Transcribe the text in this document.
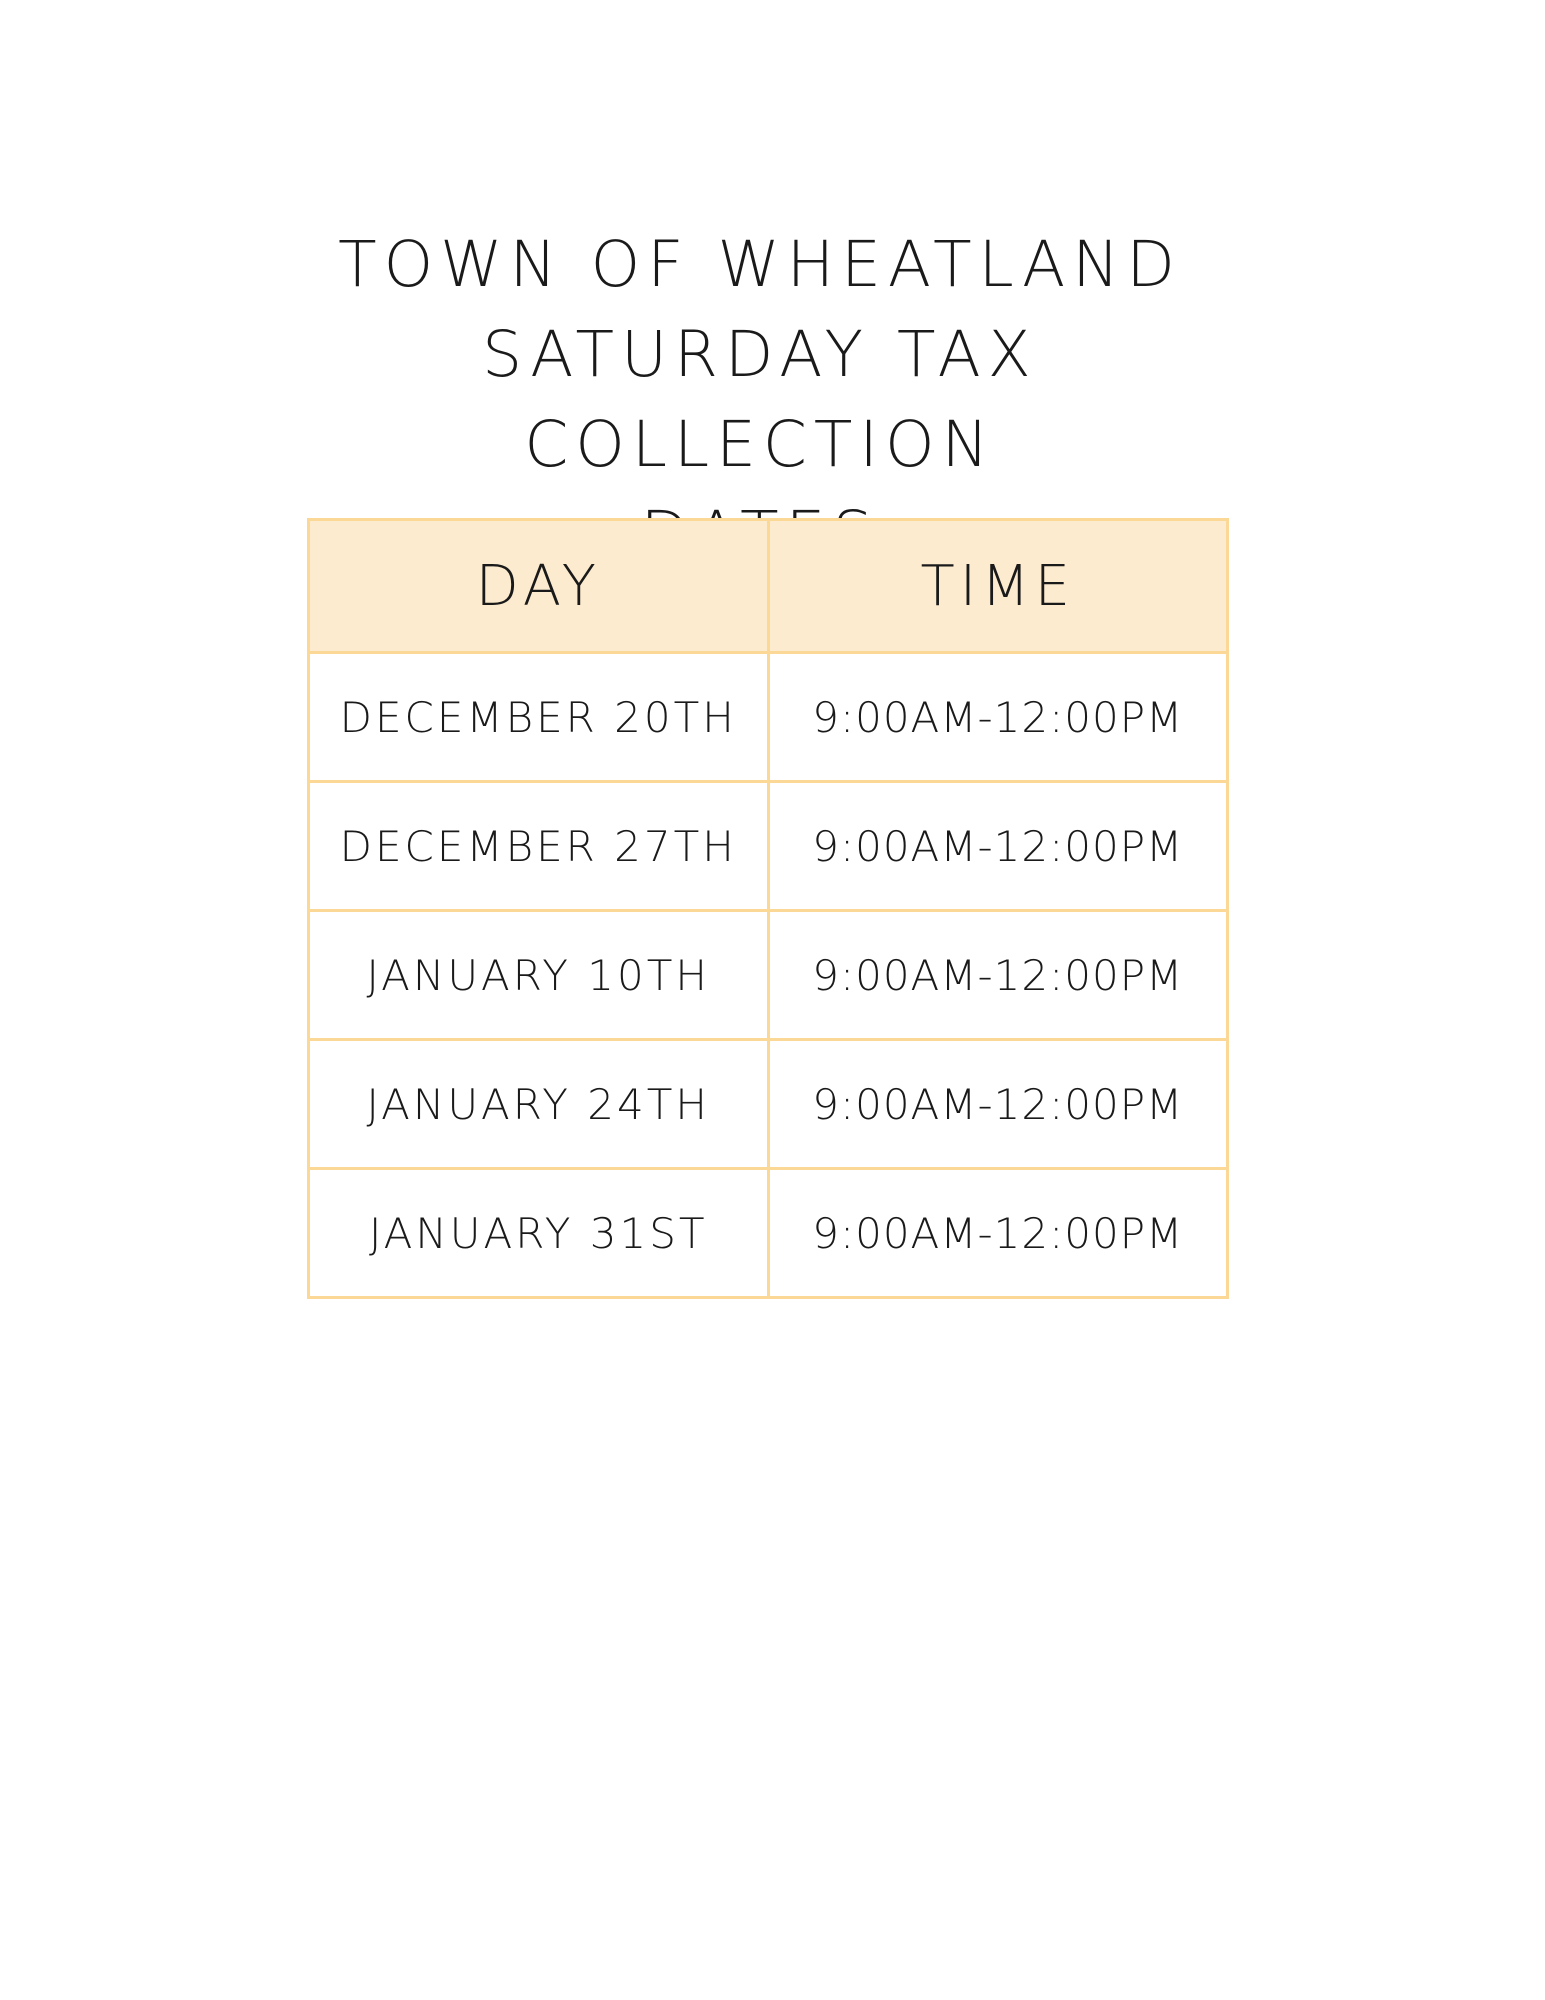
TOWN OF WHEATLAND
SATURDAY TAX COLLECTION
DAY	TIME
DECEMBER 20TH	9:00AM-12:00PM
DECEMBER 27TH	9:00AM-12:00PM
JANUARY 10TH	9:00AM-12:00PM
JANUARY 24TH	9:00AM-12:00PM
JANUARY 31ST	9:00AM-12:00PM
